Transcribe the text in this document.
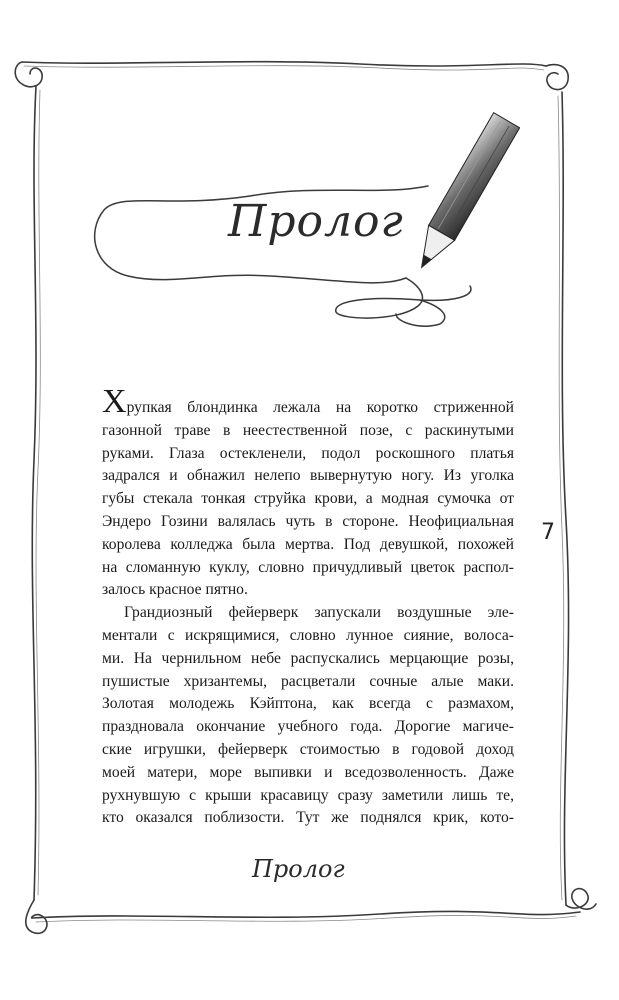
Пролог
7

Хрупкая блондинка лежала на коротко стриженной
газонной траве в неестественной позе, с раскинутыми
руками. Глаза остекленели, подол роскошного платья
задрался и обнажил нелепо вывернутую ногу. Из уголка
губы стекала тонкая струйка крови, а модная сумочка от
Эндеро Гозини валялась чуть в стороне. Неофициальная
королева колледжа была мертва. Под девушкой, похожей
на сломанную куклу, словно причудливый цветок распол-
залось красное пятно.

Грандиозный фейерверк запускали воздушные эле-
ментали с искрящимися, словно лунное сияние, волоса-
ми. На чернильном небе распускались мерцающие розы,
пушистые хризантемы, расцветали сочные алые маки.
Золотая молодежь Кэйптона, как всегда с размахом,
праздновала окончание учебного года. Дорогие магиче-
ские игрушки, фейерверк стоимостью в годовой доход
моей матери, море выпивки и вседозволенность. Даже
рухнувшую с крыши красавицу сразу заметили лишь те,
кто оказался поблизости. Тут же поднялся крик, кото-

Пролог
